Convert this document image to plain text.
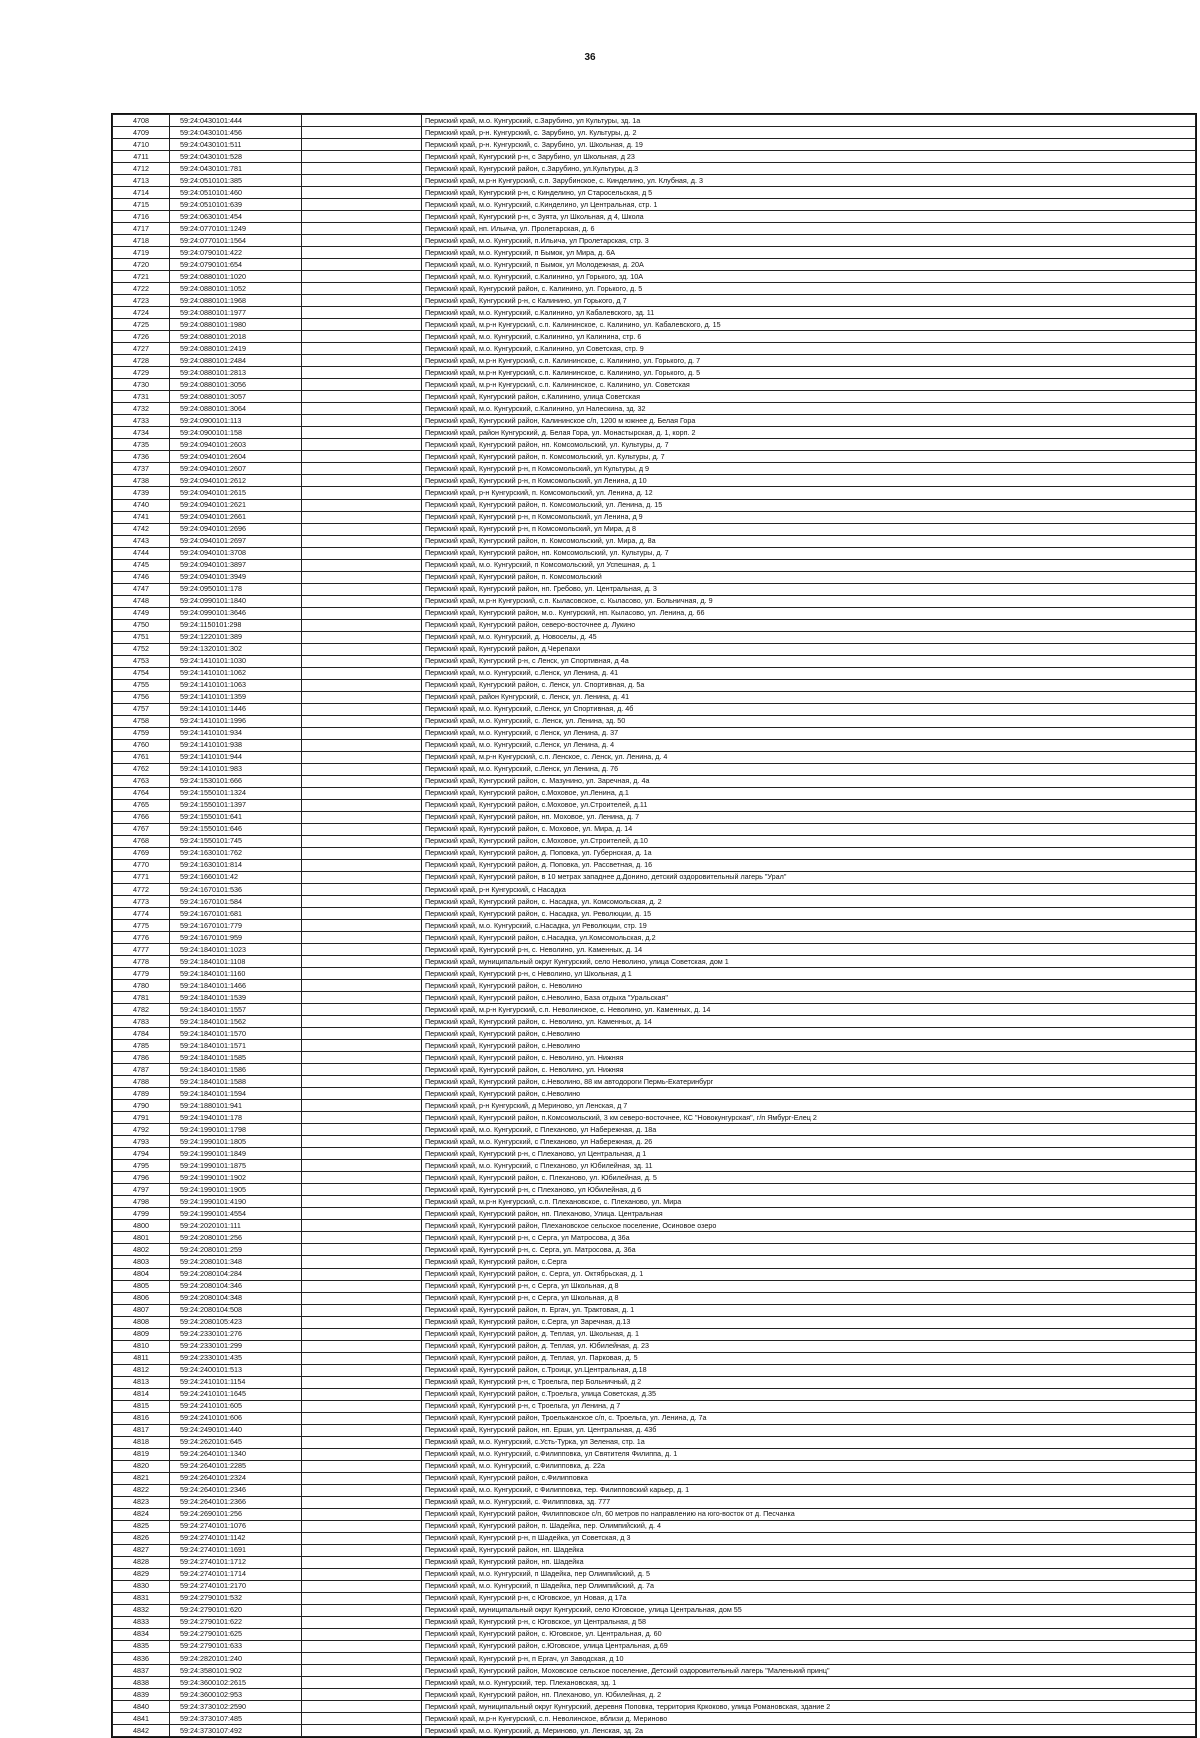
36
4708	59:24:0430101:444		Пермский край, м.о. Кунгурский, с.Зарубино, ул Культуры, зд. 1а
4709	59:24:0430101:456		Пермский край, р-н. Кунгурский, с. Зарубино, ул. Культуры, д. 2
4710	59:24:0430101:511		Пермский край, р-н. Кунгурский, с. Зарубино, ул. Школьная, д. 19
4711	59:24:0430101:528		Пермский край, Кунгурский р-н, с Зарубино, ул Школьная, д 23
4712	59:24:0430101:781		Пермский край, Кунгурский район, с.Зарубино, ул.Культуры, д.3
4713	59:24:0510101:385		Пермский край, м.р-н Кунгурский, с.п. Зарубинское, с. Кинделино, ул. Клубная, д. 3
4714	59:24:0510101:460		Пермский край, Кунгурский р-н, с Кинделино, ул Старосельская, д 5
4715	59:24:0510101:639		Пермский край, м.о. Кунгурский, с.Кинделино, ул Центральная, стр. 1
4716	59:24:0630101:454		Пермский край, Кунгурский р-н, с Зуята, ул Школьная, д 4, Школа
4717	59:24:0770101:1249		Пермский край, нп. Ильича, ул. Пролетарская, д. 6
4718	59:24:0770101:1564		Пермский край, м.о. Кунгурский, п.Ильича, ул Пролетарская, стр. 3
4719	59:24:0790101:422		Пермский край, м.о. Кунгурский, п Бымок, ул Мира, д. 6А
4720	59:24:0790101:654		Пермский край, м.о. Кунгурский, п Бымок, ул Молодежная, д. 20А
4721	59:24:0880101:1020		Пермский край, м.о. Кунгурский, с.Калинино, ул Горького, зд. 10А
4722	59:24:0880101:1052		Пермский край, Кунгурский район, с. Калинино, ул. Горького, д. 5
4723	59:24:0880101:1968		Пермский край, Кунгурский р-н, с Калинино, ул Горького, д 7
4724	59:24:0880101:1977		Пермский край, м.о. Кунгурский, с.Калинино, ул Кабалевского, зд. 11
4725	59:24:0880101:1980		Пермский край, м.р-н Кунгурский, с.п. Калининское, с. Калинино, ул. Кабалевского, д. 15
4726	59:24:0880101:2018		Пермский край, м.о. Кунгурский, с.Калинино, ул Калинина, стр. 6
4727	59:24:0880101:2419		Пермский край, м.о. Кунгурский, с.Калинино, ул Советская, стр. 9
4728	59:24:0880101:2484		Пермский край, м.р-н Кунгурский, с.п. Калининское, с. Калинино, ул. Горького, д. 7
4729	59:24:0880101:2813		Пермский край, м.р-н Кунгурский, с.п. Калининское, с. Калинино, ул. Горького, д. 5
4730	59:24:0880101:3056		Пермский край, м.р-н Кунгурский, с.п. Калининское, с. Калинино, ул. Советская
4731	59:24:0880101:3057		Пермский край, Кунгурский район, с.Калинино, улица Советская
4732	59:24:0880101:3064		Пермский край, м.о. Кунгурский, с.Калинино, ул Налескина, зд. 32
4733	59:24:0900101:113		Пермский край, Кунгурский район, Калининское с/п, 1200 м южнее д. Белая Гора
4734	59:24:0900101:158		Пермский край, район Кунгурский, д. Белая Гора, ул. Монастырская, д. 1, корп. 2
4735	59:24:0940101:2603		Пермский край, Кунгурский район, нп. Комсомольский, ул. Культуры, д. 7
4736	59:24:0940101:2604		Пермский край, Кунгурский район, п. Комсомольский, ул. Культуры, д. 7
4737	59:24:0940101:2607		Пермский край, Кунгурский р-н, п Комсомольский, ул Культуры, д 9
4738	59:24:0940101:2612		Пермский край, Кунгурский р-н, п Комсомольский, ул Ленина, д 10
4739	59:24:0940101:2615		Пермский край, р-н Кунгурский, п. Комсомольский, ул. Ленина, д. 12
4740	59:24:0940101:2621		Пермский край, Кунгурский район, п. Комсомольский, ул. Ленина, д. 15
4741	59:24:0940101:2661		Пермский край, Кунгурский р-н, п Комсомольский, ул Ленина, д 9
4742	59:24:0940101:2696		Пермский край, Кунгурский р-н, п Комсомольский, ул Мира, д 8
4743	59:24:0940101:2697		Пермский край, Кунгурский район, п. Комсомольский, ул. Мира, д. 8а
4744	59:24:0940101:3708		Пермский край, Кунгурский район, нп. Комсомольский, ул. Культуры, д. 7
4745	59:24:0940101:3897		Пермский край, м.о. Кунгурский, п Комсомольский, ул Успешная, д. 1
4746	59:24:0940101:3949		Пермский край, Кунгурский район, п. Комсомольский
4747	59:24:0950101:178		Пермский край, Кунгурский район, нп. Гребово, ул. Центральная, д. 3
4748	59:24:0990101:1840		Пермский край, м.р-н Кунгурский, с.п. Кыласовское, с. Кыласово, ул. Больничная, д. 9
4749	59:24:0990101:3646		Пермский край, Кунгурский район, м.о.. Кунгурский, нп. Кыласово, ул. Ленина, д. 66
4750	59:24:1150101:298		Пермский край, Кунгурский район, северо-восточнее д. Лукино
4751	59:24:1220101:389		Пермский край, м.о. Кунгурский, д. Новоселы, д. 45
4752	59:24:1320101:302		Пермский край, Кунгурский район, д.Черепахи
4753	59:24:1410101:1030		Пермский край, Кунгурский р-н, с Ленск, ул Спортивная, д 4а
4754	59:24:1410101:1062		Пермский край, м.о. Кунгурский, с.Ленск, ул Ленина, д. 41
4755	59:24:1410101:1063		Пермский край, Кунгурский район, с. Ленск, ул. Спортивная, д. 5а
4756	59:24:1410101:1359		Пермский край, район Кунгурский, с. Ленск, ул. Ленина, д. 41
4757	59:24:1410101:1446		Пермский край, м.о. Кунгурский, с.Ленск, ул Спортивная, д. 4б
4758	59:24:1410101:1996		Пермский край, м.о. Кунгурский, с. Ленск, ул. Ленина, зд. 50
4759	59:24:1410101:934		Пермский край, м.о. Кунгурский, с Ленск, ул Ленина, д. 37
4760	59:24:1410101:938		Пермский край, м.о. Кунгурский, с.Ленск, ул Ленина, д. 4
4761	59:24:1410101:944		Пермский край, м.р-н Кунгурский, с.п. Ленское, с. Ленск, ул. Ленина, д. 4
4762	59:24:1410101:983		Пермский край, м.о. Кунгурский, с.Ленск, ул Ленина, д. 76
4763	59:24:1530101:666		Пермский край, Кунгурский район, с. Мазунино, ул. Заречная, д. 4а
4764	59:24:1550101:1324		Пермский край, Кунгурский район, с.Моховое, ул.Ленина, д.1
4765	59:24:1550101:1397		Пермский край, Кунгурский район, с.Моховое, ул.Строителей, д.11
4766	59:24:1550101:641		Пермский край, Кунгурский район, нп. Моховое, ул. Ленина, д. 7
4767	59:24:1550101:646		Пермский край, Кунгурский район, с. Моховое, ул. Мира, д. 14
4768	59:24:1550101:745		Пермский край, Кунгурский район, с.Моховое, ул.Строителей, д.10
4769	59:24:1630101:762		Пермский край, Кунгурский район, д. Поповка, ул. Губернская, д. 1а
4770	59:24:1630101:814		Пермский край, Кунгурский район, д. Поповка, ул. Рассветная, д. 16
4771	59:24:1660101:42		Пермский край, Кунгурский район, в 10 метрах западнее д.Донино, детский оздоровительный лагерь "Урал"
4772	59:24:1670101:536		Пермский край, р-н Кунгурский, с Насадка
4773	59:24:1670101:584		Пермский край, Кунгурский район, с. Насадка, ул. Комсомольская, д. 2
4774	59:24:1670101:681		Пермский край, Кунгурский район, с. Насадка, ул. Революции, д. 15
4775	59:24:1670101:779		Пермский край, м.о. Кунгурский, с.Насадка, ул Революции, стр. 19
4776	59:24:1670101:959		Пермский край, Кунгурский район, с.Насадка, ул.Комсомольская, д.2
4777	59:24:1840101:1023		Пермский край, Кунгурский р-н, с. Неволино, ул. Каменных, д. 14
4778	59:24:1840101:1108		Пермский край, муниципальный округ Кунгурский, село Неволино, улица Советская, дом 1
4779	59:24:1840101:1160		Пермский край, Кунгурский р-н, с Неволино, ул Школьная, д 1
4780	59:24:1840101:1466		Пермский край, Кунгурский район, с. Неволино
4781	59:24:1840101:1539		Пермский край, Кунгурский район, с.Неволино, База отдыха "Уральская"
4782	59:24:1840101:1557		Пермский край, м.р-н Кунгурский, с.п. Неволинское, с. Неволино, ул. Каменных, д. 14
4783	59:24:1840101:1562		Пермский край, Кунгурский район, с. Неволино, ул. Каменных, д. 14
4784	59:24:1840101:1570		Пермский край, Кунгурский район, с.Неволино
4785	59:24:1840101:1571		Пермский край, Кунгурский район, с.Неволино
4786	59:24:1840101:1585		Пермский край, Кунгурский район, с. Неволино, ул. Нижняя
4787	59:24:1840101:1586		Пермский край, Кунгурский район, с. Неволино, ул. Нижняя
4788	59:24:1840101:1588		Пермский край, Кунгурский район, с.Неволино, 88 км автодороги Пермь-Екатеринбург
4789	59:24:1840101:1594		Пермский край, Кунгурский район, с.Неволино
4790	59:24:1880101:941		Пермский край, р-н Кунгурский, д Мериново, ул Ленская, д 7
4791	59:24:1940101:178		Пермский край, Кунгурский район, п.Комсомольский, 3 км северо-восточнее, КС "Новокунгурская", г/п Ямбург-Елец 2
4792	59:24:1990101:1798		Пермский край, м.о. Кунгурский, с Плеханово, ул Набережная, д. 18а
4793	59:24:1990101:1805		Пермский край, м.о. Кунгурский, с Плеханово, ул Набережная, д. 26
4794	59:24:1990101:1849		Пермский край, Кунгурский р-н, с Плеханово, ул Центральная, д 1
4795	59:24:1990101:1875		Пермский край, м.о. Кунгурский, с Плеханово, ул Юбилейная, зд. 11
4796	59:24:1990101:1902		Пермский край, Кунгурский район, с. Плеханово, ул. Юбилейная, д. 5
4797	59:24:1990101:1905		Пермский край, Кунгурский р-н, с Плеханово, ул Юбилейная, д 6
4798	59:24:1990101:4190		Пермский край, м.р-н Кунгурский, с.п. Плехановское, с. Плеханово, ул. Мира
4799	59:24:1990101:4554		Пермский край, Кунгурский район, нп. Плеханово, Улица. Центральная
4800	59:24:2020101:111		Пермский край, Кунгурский район, Плехановское сельское поселение, Осиновое озеро
4801	59:24:2080101:256		Пермский край, Кунгурский р-н, с Серга, ул Матросова, д 36а
4802	59:24:2080101:259		Пермский край, Кунгурский р-н, с. Серга, ул. Матросова, д. 36а
4803	59:24:2080101:348		Пермский край, Кунгурский район, с.Серга
4804	59:24:2080104:284		Пермский край, Кунгурский район, с. Серга, ул. Октябрьская, д. 1
4805	59:24:2080104:346		Пермский край, Кунгурский р-н, с Серга, ул Школьная, д 8
4806	59:24:2080104:348		Пермский край, Кунгурский р-н, с Серга, ул Школьная, д 8
4807	59:24:2080104:508		Пермский край, Кунгурский район, п. Ергач, ул. Трактовая, д. 1
4808	59:24:2080105:423		Пермский край, Кунгурский район, с.Серга, ул Заречная, д.13
4809	59:24:2330101:276		Пермский край, Кунгурский район, д. Теплая, ул. Школьная, д. 1
4810	59:24:2330101:299		Пермский край, Кунгурский район, д. Теплая, ул. Юбилейная, д. 23
4811	59:24:2330101:435		Пермский край, Кунгурский район, д. Теплая, ул. Парковая, д. 5
4812	59:24:2400101:513		Пермский край, Кунгурский район, с.Троицк, ул.Центральная, д.18
4813	59:24:2410101:1154		Пермский край, Кунгурский р-н, с Троельга, пер Больничный, д 2
4814	59:24:2410101:1645		Пермский край, Кунгурский район, с.Троельга, улица Советская, д.35
4815	59:24:2410101:605		Пермский край, Кунгурский р-н, с Троельга, ул Ленина, д 7
4816	59:24:2410101:606		Пермский край, Кунгурский район, Троельжанское с/п, с. Троельга, ул. Ленина, д. 7а
4817	59:24:2490101:440		Пермский край, Кунгурский район, нп. Ерши, ул. Центральная, д. 43б
4818	59:24:2620101:645		Пермский край, м.о. Кунгурский, с.Усть-Турка, ул Зеленая, стр. 1а
4819	59:24:2640101:1340		Пермский край, м.о. Кунгурский, с.Филипповка, ул Святителя Филиппа, д. 1
4820	59:24:2640101:2285		Пермский край, м.о. Кунгурский, с.Филипповка, д. 22а
4821	59:24:2640101:2324		Пермский край, Кунгурский район, с.Филипповка
4822	59:24:2640101:2346		Пермский край, м.о. Кунгурский, с Филипповка, тер. Филипповский карьер, д. 1
4823	59:24:2640101:2366		Пермский край, м.о. Кунгурский, с. Филипповка, зд. 777
4824	59:24:2690101:256		Пермский край, Кунгурский район, Филипповское с/п, 60 метров по направлению на юго-восток от д. Песчанка
4825	59:24:2740101:1076		Пермский край, Кунгурский район, п. Шадейка, пер. Олимпийский, д. 4
4826	59:24:2740101:1142		Пермский край, Кунгурский р-н, п Шадейка, ул Советская, д 3
4827	59:24:2740101:1691		Пермский край, Кунгурский район, нп. Шадейка
4828	59:24:2740101:1712		Пермский край, Кунгурский район, нп. Шадейка
4829	59:24:2740101:1714		Пермский край, м.о. Кунгурский, п Шадейка, пер Олимпийский, д. 5
4830	59:24:2740101:2170		Пермский край, м.о. Кунгурский, п Шадейка, пер Олимпийский, д. 7а
4831	59:24:2790101:532		Пермский край, Кунгурский р-н, с Юговское, ул Новая, д 17а
4832	59:24:2790101:620		Пермский край, муниципальный округ Кунгурский, село Юговское, улица Центральная, дом 55
4833	59:24:2790101:622		Пермский край, Кунгурский р-н, с Юговское, ул Центральная, д 58
4834	59:24:2790101:625		Пермский край, Кунгурский район, с. Юговское, ул. Центральная, д. 60
4835	59:24:2790101:633		Пермский край, Кунгурский район, с.Юговское, улица Центральная, д.69
4836	59:24:2820101:240		Пермский край, Кунгурский р-н, п Ергач, ул Заводская, д 10
4837	59:24:3580101:902		Пермский край, Кунгурский район, Моховское сельское поселение, Детский оздоровительный лагерь "Маленький принц"
4838	59:24:3600102:2615		Пермский край, м.о. Кунгурский, тер. Плехановская, зд. 1
4839	59:24:3600102:953		Пермский край, Кунгурский район, нп. Плеханово, ул. Юбилейная, д. 2
4840	59:24:3730102:2590		Пермский край, муниципальный округ Кунгурский, деревня Поповка, территория Кркоково, улица Романовская, здание 2
4841	59:24:3730107:485		Пермский край, м.р-н Кунгурский, с.п. Неволинское, вблизи д. Мериново
4842	59:24:3730107:492		Пермский край, м.о. Кунгурский, д. Мериново, ул. Ленская, зд. 2а
